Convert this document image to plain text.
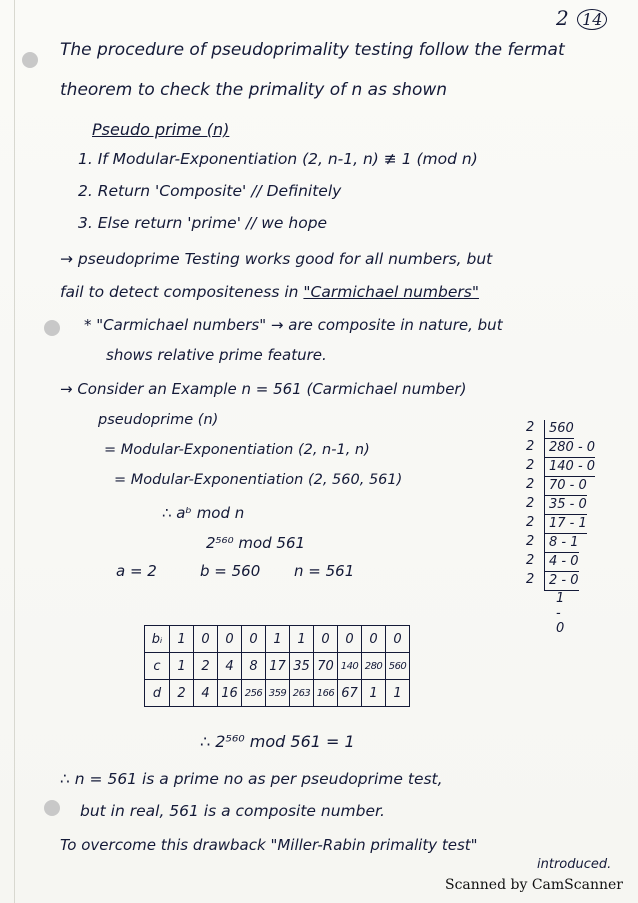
2 14
The procedure of pseudoprimality testing follow the fermat
theorem to check the primality of n as shown
Pseudo prime (n)
1. If Modular-Exponentiation (2, n-1, n) ≢ 1 (mod n)
2. Return 'Composite' // Definitely
3. Else return 'prime' // we hope
→ pseudoprime Testing works good for all numbers, but
fail to detect compositeness in "Carmichael numbers"
* "Carmichael numbers" → are composite in nature, but
shows relative prime feature.
→ Consider an Example n = 561 (Carmichael number)
pseudoprime (n)
= Modular-Exponentiation (2, n-1, n)
= Modular-Exponentiation (2, 560, 561)
∴ aᵇ mod n
2⁵⁶⁰ mod 561
a = 2	b = 560 n = 561
2	560
2	280 - 0
2	140 - 0
2	70 - 0
2	35 - 0
2	17 - 1
2	8 - 1
2	4 - 0
2	2 - 0
1 - 0
bᵢ	1	0	0	0	1	1	0	0	0	0
c	1	2	4	8	17	35	70	140	280	560
d	2	4	16	256	359	263	166	67	1	1
∴ 2⁵⁶⁰ mod 561 = 1
∴ n = 561 is a prime no as per pseudoprime test,
but in real, 561 is a composite number.
To overcome this drawback "Miller-Rabin primality test"
introduced.
Scanned by CamScanner
